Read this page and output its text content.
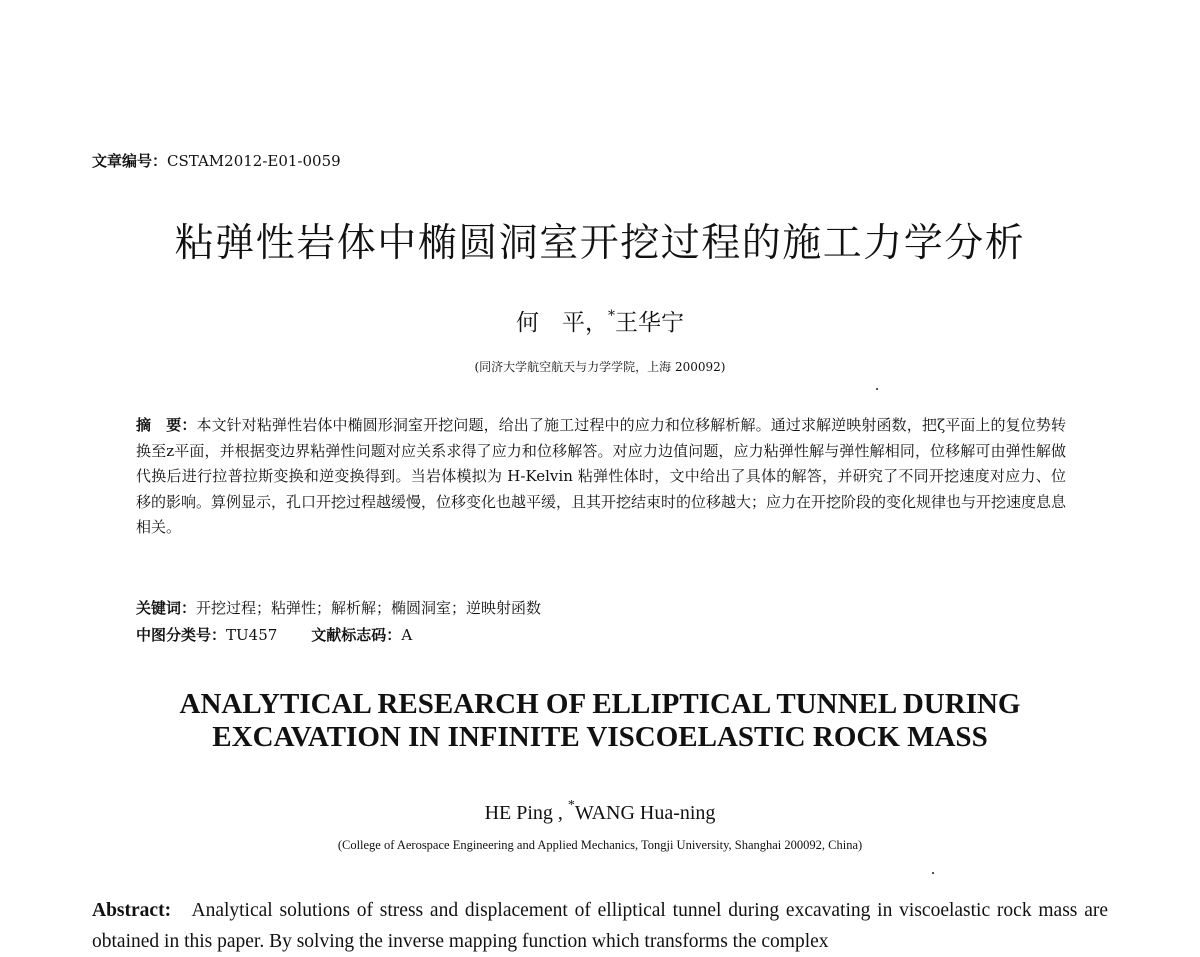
文章编号：CSTAM2012-E01-0059
粘弹性岩体中椭圆洞室开挖过程的施工力学分析
何　平，*王华宁
(同济大学航空航天与力学学院，上海 200092)
摘　要：本文针对粘弹性岩体中椭圆形洞室开挖问题，给出了施工过程中的应力和位移解析解。通过求解逆映射函数，把ζ平面上的复位势转换至z平面，并根据变边界粘弹性问题对应关系求得了应力和位移解答。对应力边值问题，应力粘弹性解与弹性解相同，位移解可由弹性解做代换后进行拉普拉斯变换和逆变换得到。当岩体模拟为 H-Kelvin 粘弹性体时，文中给出了具体的解答，并研究了不同开挖速度对应力、位移的影响。算例显示，孔口开挖过程越缓慢，位移变化也越平缓，且其开挖结束时的位移越大；应力在开挖阶段的变化规律也与开挖速度息息相关。
关键词：开挖过程；粘弹性；解析解；椭圆洞室；逆映射函数
中图分类号：TU457 文献标志码：A
ANALYTICAL RESEARCH OF ELLIPTICAL TUNNEL DURING
EXCAVATION IN INFINITE VISCOELASTIC ROCK MASS
HE Ping , *WANG Hua-ning
(College of Aerospace Engineering and Applied Mechanics, Tongji University, Shanghai 200092, China)
Abstract: Analytical solutions of stress and displacement of elliptical tunnel during excavating in viscoelastic rock mass are obtained in this paper. By solving the inverse mapping function which transforms the complex
